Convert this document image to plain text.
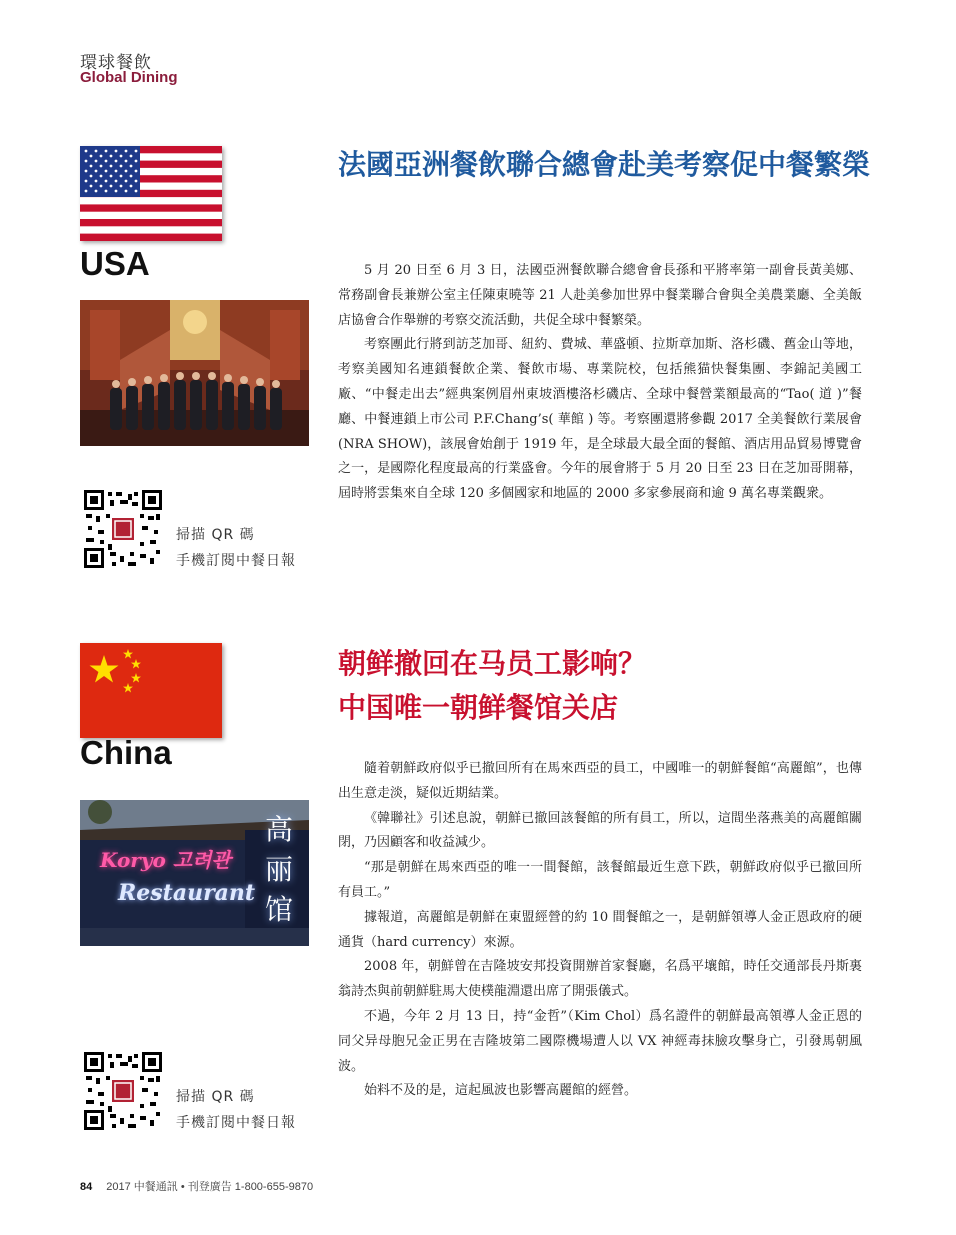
環球餐飲
Global Dining
USA
掃描 QR 碼
手機訂閱中餐日報
法國亞洲餐飲聯合總會赴美考察促中餐繁榮

5 月 20 日至 6 月 3 日，法國亞洲餐飲聯合總會會長孫和平將率第一副會長黃美娜、常務副會長兼辦公室主任陳東曉等 21 人赴美參加世界中餐業聯合會與全美農業廳、全美飯店協會合作舉辦的考察交流活動，共促全球中餐繁榮。

考察團此行將到訪芝加哥、紐約、費城、華盛頓、拉斯章加斯、洛杉磯、舊金山等地，考察美國知名連鎖餐飲企業、餐飲市場、專業院校，包括熊猫快餐集團、李錦記美國工廠、“中餐走出去”經典案例眉州東坡酒樓洛杉磯店、全球中餐營業額最高的“Tao( 道 )”餐廳、中餐連鎖上市公司 P.F.Chang’s( 華館 ) 等。考察團還將參觀 2017 全美餐飲行業展會 (NRA SHOW)，該展會始創于 1919 年，是全球最大最全面的餐館、酒店用品貿易博覽會之一，是國際化程度最高的行業盛會。今年的展會將于 5 月 20 日至 23 日在芝加哥開幕，屆時將雲集來自全球 120 多個國家和地區的 2000 多家參展商和逾 9 萬名專業觀衆。

China
Koryo 고려관
Restaurant
高丽馆
掃描 QR 碼
手機訂閱中餐日報
朝鲜撤回在马员工影响？
中国唯一朝鲜餐馆关店

隨着朝鮮政府似乎已撤回所有在馬來西亞的員工，中國唯一的朝鮮餐館“高麗館”，也傳出生意走淡，疑似近期結業。

《韓聯社》引述息說，朝鮮已撤回該餐館的所有員工，所以，這間坐落燕美的高麗館關閉，乃因顧客和收益減少。

“那是朝鮮在馬來西亞的唯一一間餐館，該餐館最近生意下跌，朝鮮政府似乎已撤回所有員工。”

據報道，高麗館是朝鮮在東盟經營的約 10 間餐館之一，是朝鮮領導人金正恩政府的硬通貨（hard currency）來源。

2008 年，朝鮮曾在吉隆坡安邦投資開辦首家餐廳，名爲平壤館，時任交通部長丹斯裏翁詩杰與前朝鮮駐馬大使樸龍淵還出席了開張儀式。

不過，今年 2 月 13 日，持“金哲”（Kim Chol）爲名證件的朝鮮最高領導人金正恩的同父异母胞兄金正男在吉隆坡第二國際機場遭人以 VX 神經毒抹臉攻擊身亡，引發馬朝風波。

始料不及的是，這起風波也影響高麗館的經營。

84 2017 中餐通訊 • 刊登廣告 1-800-655-9870
